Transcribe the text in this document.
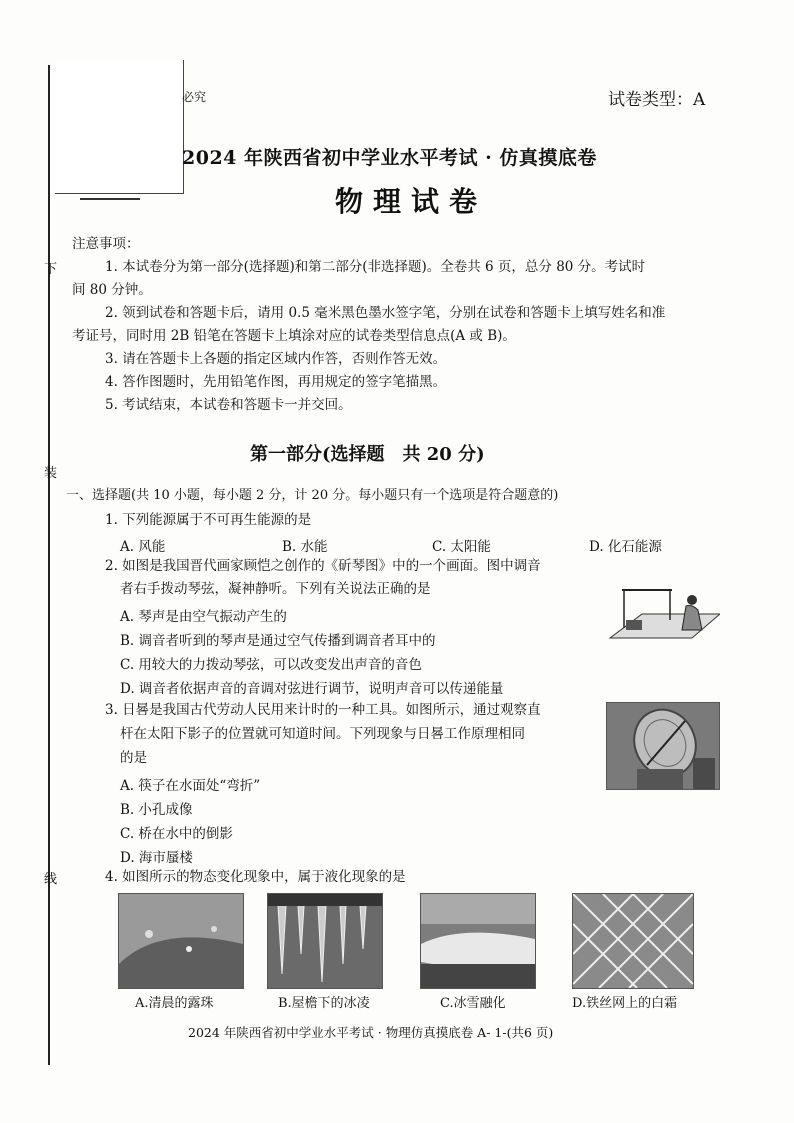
必究	试卷类型：A
下
装
线
2024 年陕西省初中学业水平考试 · 仿真摸底卷
物理试卷
注意事项：
1. 本试卷分为第一部分(选择题)和第二部分(非选择题)。全卷共 6 页，总分 80 分。考试时
间 80 分钟。
2. 领到试卷和答题卡后，请用 0.5 毫米黑色墨水签字笔，分别在试卷和答题卡上填写姓名和准
考证号，同时用 2B 铅笔在答题卡上填涂对应的试卷类型信息点(A 或 B)。
3. 请在答题卡上各题的指定区域内作答，否则作答无效。
4. 答作图题时，先用铅笔作图，再用规定的签字笔描黑。
5. 考试结束，本试卷和答题卡一并交回。
第一部分(选择题　共 20 分)
一、选择题(共 10 小题，每小题 2 分，计 20 分。每小题只有一个选项是符合题意的)
1. 下列能源属于不可再生能源的是
A. 风能	B. 水能	C. 太阳能	D. 化石能源
2. 如图是我国晋代画家顾恺之创作的《斫琴图》中的一个画面。图中调音
者右手拨动琴弦，凝神静听。下列有关说法正确的是
A. 琴声是由空气振动产生的
B. 调音者听到的琴声是通过空气传播到调音者耳中的
C. 用较大的力拨动琴弦，可以改变发出声音的音色
D. 调音者依据声音的音调对弦进行调节，说明声音可以传递能量
3. 日晷是我国古代劳动人民用来计时的一种工具。如图所示，通过观察直
杆在太阳下影子的位置就可知道时间。下列现象与日晷工作原理相同
的是
A. 筷子在水面处“弯折”
B. 小孔成像
C. 桥在水中的倒影
D. 海市蜃楼
4. 如图所示的物态变化现象中，属于液化现象的是
A.清晨的露珠	B.屋檐下的冰凌	C.冰雪融化	D.铁丝网上的白霜
2024 年陕西省初中学业水平考试 · 物理仿真摸底卷 A- 1-(共6 页)
